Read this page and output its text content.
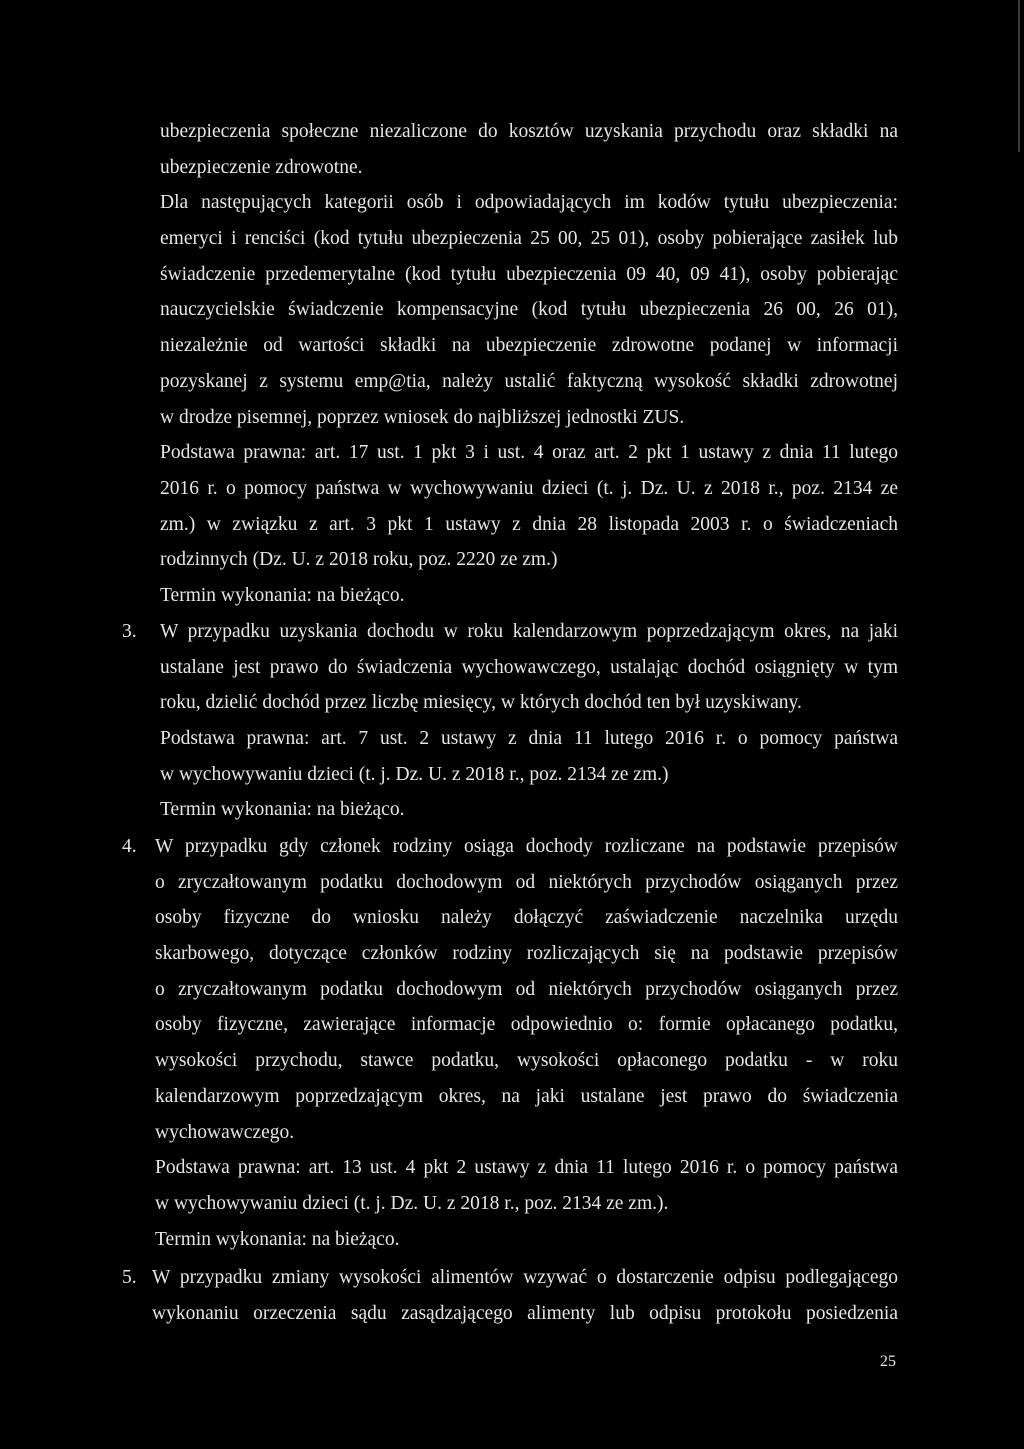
ubezpieczenia społeczne niezaliczone do kosztów uzyskania przychodu oraz składki na
ubezpieczenie zdrowotne.
Dla następujących kategorii osób i odpowiadających im kodów tytułu ubezpieczenia:
emeryci i renciści (kod tytułu ubezpieczenia 25 00, 25 01), osoby pobierające zasiłek lub
świadczenie przedemerytalne (kod tytułu ubezpieczenia 09 40, 09 41), osoby pobierając
nauczycielskie świadczenie kompensacyjne (kod tytułu ubezpieczenia 26 00, 26 01),
niezależnie od wartości składki na ubezpieczenie zdrowotne podanej w informacji
pozyskanej z systemu emp@tia, należy ustalić faktyczną wysokość składki zdrowotnej
w drodze pisemnej, poprzez wniosek do najbliższej jednostki ZUS.
Podstawa prawna: art. 17 ust. 1 pkt 3 i ust. 4 oraz art. 2 pkt 1 ustawy z dnia 11 lutego
2016 r. o pomocy państwa w wychowywaniu dzieci (t. j. Dz. U. z 2018 r., poz. 2134 ze
zm.) w związku z art. 3 pkt 1 ustawy z dnia 28 listopada 2003 r. o świadczeniach
rodzinnych (Dz. U. z 2018 roku, poz. 2220 ze zm.)
Termin wykonania: na bieżąco.
3.	W przypadku uzyskania dochodu w roku kalendarzowym poprzedzającym okres, na jaki
ustalane jest prawo do świadczenia wychowawczego, ustalając dochód osiągnięty w tym
roku, dzielić dochód przez liczbę miesięcy, w których dochód ten był uzyskiwany.
Podstawa prawna: art. 7 ust. 2 ustawy z dnia 11 lutego 2016 r. o pomocy państwa
w wychowywaniu dzieci (t. j. Dz. U. z 2018 r., poz. 2134 ze zm.)
Termin wykonania: na bieżąco.
4. W przypadku gdy członek rodziny osiąga dochody rozliczane na podstawie przepisów
o zryczałtowanym podatku dochodowym od niektórych przychodów osiąganych przez
osoby fizyczne do wniosku należy dołączyć zaświadczenie naczelnika urzędu
skarbowego, dotyczące członków rodziny rozliczających się na podstawie przepisów
o zryczałtowanym podatku dochodowym od niektórych przychodów osiąganych przez
osoby fizyczne, zawierające informacje odpowiednio o: formie opłacanego podatku,
wysokości przychodu, stawce podatku, wysokości opłaconego podatku - w roku
kalendarzowym poprzedzającym okres, na jaki ustalane jest prawo do świadczenia
wychowawczego.
Podstawa prawna: art. 13 ust. 4 pkt 2 ustawy z dnia 11 lutego 2016 r. o pomocy państwa
w wychowywaniu dzieci (t. j. Dz. U. z 2018 r., poz. 2134 ze zm.).
Termin wykonania: na bieżąco.
5. W przypadku zmiany wysokości alimentów wzywać o dostarczenie odpisu podlegającego
wykonaniu orzeczenia sądu zasądzającego alimenty lub odpisu protokołu posiedzenia
25
